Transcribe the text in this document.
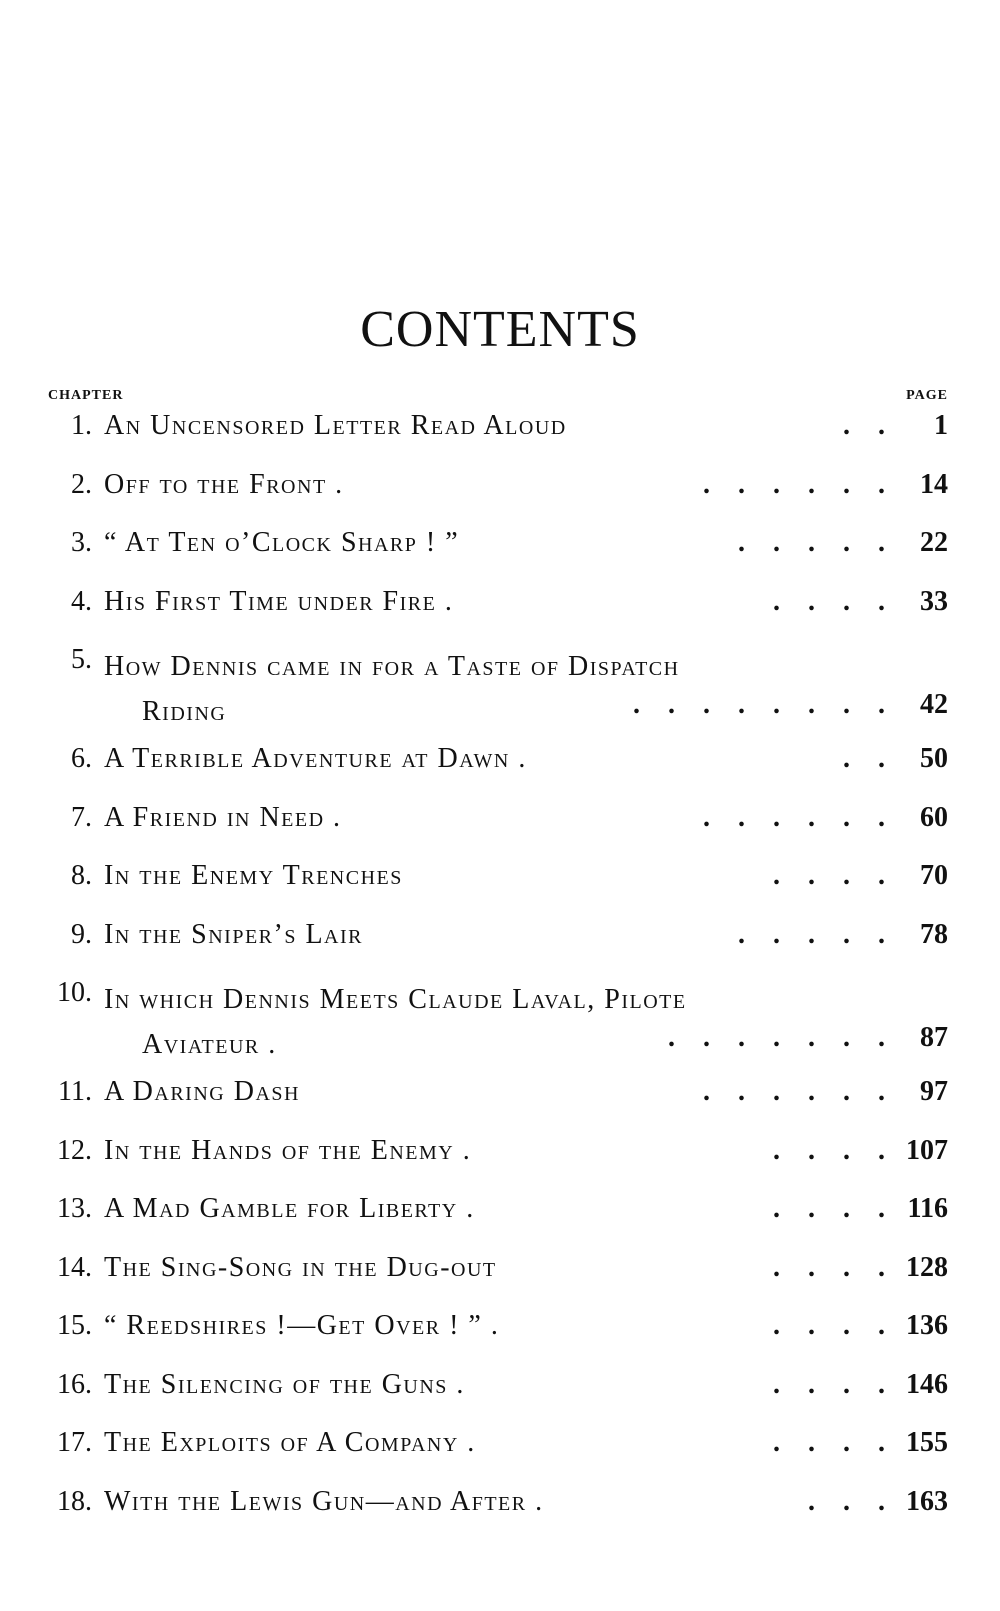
CONTENTS
CHAPTER	PAGE
1. An Uncensored Letter Read Aloud	.    . 1
2. Off to the Front .	.    .    .    .    .    . 14
3. “ At Ten o’Clock Sharp ! ”	.    .    .    .    . 22
4. His First Time under Fire .	.    .    .    . 33
5. How Dennis came in for a Taste of Dispatch
Riding	.    .    .    .    .    .    .    . 42
6. A Terrible Adventure at Dawn .	.    . 50
7. A Friend in Need .	.    .    .    .    .    . 60
8. In the Enemy Trenches	.    .    .    . 70
9. In the Sniper’s Lair	.    .    .    .    . 78
10. In which Dennis Meets Claude Laval, Pilote
Aviateur .	.    .    .    .    .    .    . 87
11. A Daring Dash	.    .    .    .    .    . 97
12. In the Hands of the Enemy .	.    .    .    . 107
13. A Mad Gamble for Liberty .	.    .    .    . 116
14. The Sing-Song in the Dug-out	.    .    .    . 128
15. “ Reedshires !—Get Over ! ” .	.    .    .    . 136
16. The Silencing of the Guns .	.    .    .    . 146
17. The Exploits of A Company .	.    .    .    . 155
18. With the Lewis Gun—and After .	.    .    . 163
